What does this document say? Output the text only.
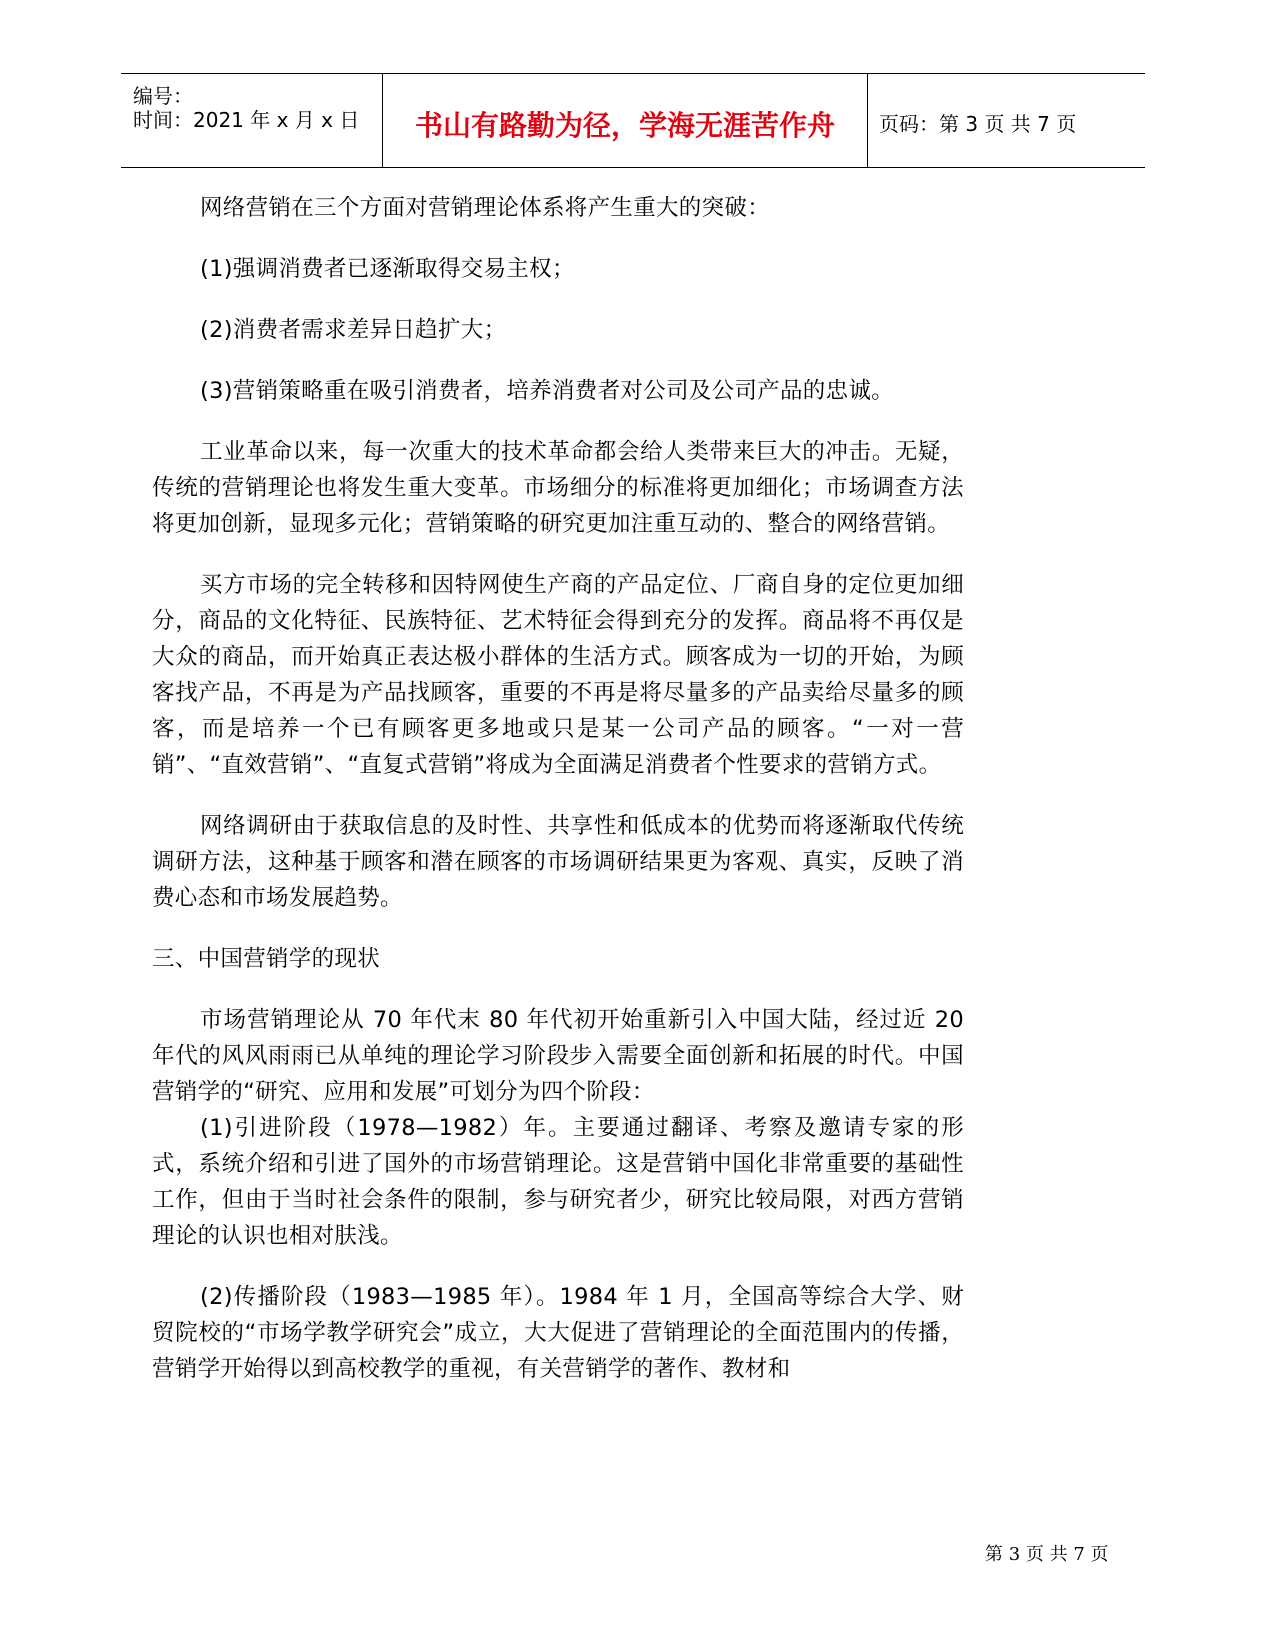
编号：
时间：2021 年 x 月 x 日	书山有路勤为径，学海无涯苦作舟	页码：第 3 页 共 7 页

网络营销在三个方面对营销理论体系将产生重大的突破：

(1)强调消费者已逐渐取得交易主权；

(2)消费者需求差异日趋扩大；

(3)营销策略重在吸引消费者，培养消费者对公司及公司产品的忠诚。

工业革命以来，每一次重大的技术革命都会给人类带来巨大的冲击。无疑，传统的营销理论也将发生重大变革。市场细分的标准将更加细化；市场调查方法将更加创新，显现多元化；营销策略的研究更加注重互动的、整合的网络营销。

买方市场的完全转移和因特网使生产商的产品定位、厂商自身的定位更加细分，商品的文化特征、民族特征、艺术特征会得到充分的发挥。商品将不再仅是大众的商品，而开始真正表达极小群体的生活方式。顾客成为一切的开始，为顾客找产品，不再是为产品找顾客，重要的不再是将尽量多的产品卖给尽量多的顾客，而是培养一个已有顾客更多地或只是某一公司产品的顾客。“一对一营销”、“直效营销”、“直复式营销”将成为全面满足消费者个性要求的营销方式。

网络调研由于获取信息的及时性、共享性和低成本的优势而将逐渐取代传统调研方法，这种基于顾客和潜在顾客的市场调研结果更为客观、真实，反映了消费心态和市场发展趋势。

三、中国营销学的现状

市场营销理论从 70 年代末 80 年代初开始重新引入中国大陆，经过近 20 年代的风风雨雨已从单纯的理论学习阶段步入需要全面创新和拓展的时代。中国营销学的“研究、应用和发展”可划分为四个阶段：

(1)引进阶段（1978—1982）年。主要通过翻译、考察及邀请专家的形式，系统介绍和引进了国外的市场营销理论。这是营销中国化非常重要的基础性工作，但由于当时社会条件的限制，参与研究者少，研究比较局限，对西方营销理论的认识也相对肤浅。

(2)传播阶段（1983—1985 年）。1984 年 1 月，全国高等综合大学、财贸院校的“市场学教学研究会”成立，大大促进了营销理论的全面范围内的传播，营销学开始得以到高校教学的重视，有关营销学的著作、教材和

第 3 页 共 7 页
